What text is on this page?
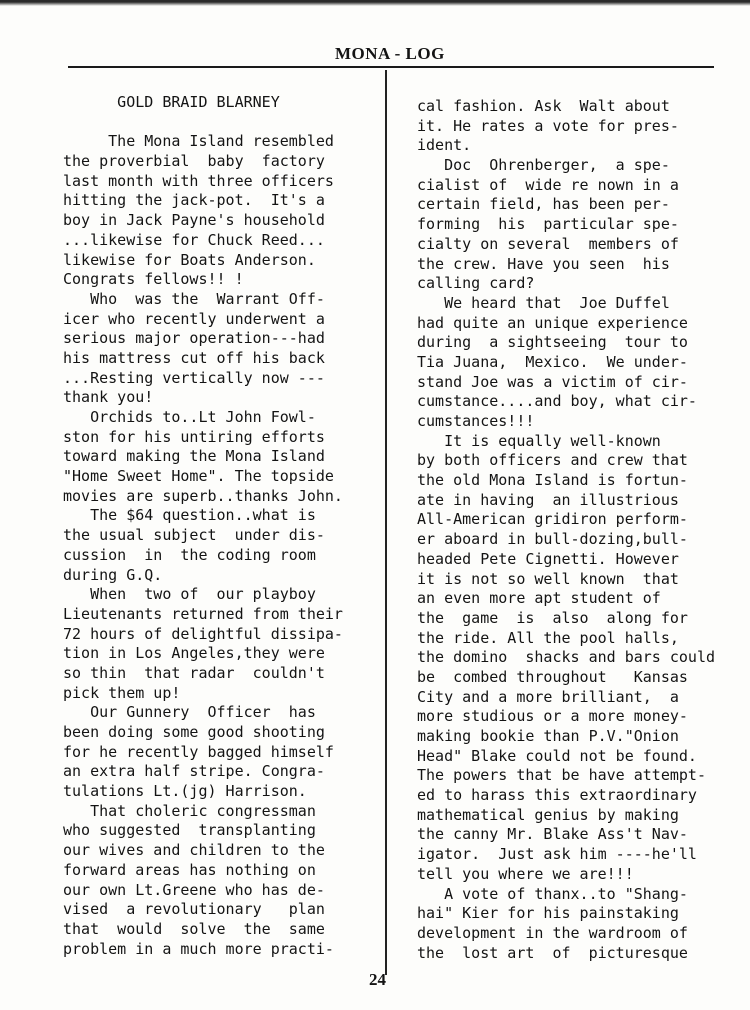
MONA - LOG
GOLD BRAID BLARNEY
The Mona Island resembled
the proverbial  baby  factory
last month with three officers
hitting the jack-pot.  It's a
boy in Jack Payne's household
...likewise for Chuck Reed...
likewise for Boats Anderson.
Congrats fellows!! !
Who  was the  Warrant Off-
icer who recently underwent a
serious major operation---had
his mattress cut off his back
...Resting vertically now ---
thank you!
Orchids to..Lt John Fowl-
ston for his untiring efforts
toward making the Mona Island
"Home Sweet Home". The topside
movies are superb..thanks John.
The $64 question..what is
the usual subject  under dis-
cussion  in  the coding room
during G.Q.
When  two of  our playboy
Lieutenants returned from their
72 hours of delightful dissipa-
tion in Los Angeles,they were
so thin  that radar  couldn't
pick them up!
Our Gunnery  Officer  has
been doing some good shooting
for he recently bagged himself
an extra half stripe. Congra-
tulations Lt.(jg) Harrison.
That choleric congressman
who suggested  transplanting
our wives and children to the
forward areas has nothing on
our own Lt.Greene who has de-
vised  a revolutionary   plan
that  would  solve  the  same
problem in a much more practi-
cal fashion. Ask  Walt about
it. He rates a vote for pres-
ident.
Doc  Ohrenberger,  a spe-
cialist of  wide re nown in a
certain field, has been per-
forming  his  particular spe-
cialty on several  members of
the crew. Have you seen  his
calling card?
We heard that  Joe Duffel
had quite an unique experience
during  a sightseeing  tour to
Tia Juana,  Mexico.  We under-
stand Joe was a victim of cir-
cumstance....and boy, what cir-
cumstances!!!
It is equally well-known
by both officers and crew that
the old Mona Island is fortun-
ate in having  an illustrious
All-American gridiron perform-
er aboard in bull-dozing,bull-
headed Pete Cignetti. However
it is not so well known  that
an even more apt student of
the  game  is  also  along for
the ride. All the pool halls,
the domino  shacks and bars could
be  combed throughout   Kansas
City and a more brilliant,  a
more studious or a more money-
making bookie than P.V."Onion
Head" Blake could not be found.
The powers that be have attempt-
ed to harass this extraordinary
mathematical genius by making
the canny Mr. Blake Ass't Nav-
igator.  Just ask him ----he'll
tell you where we are!!!
A vote of thanx..to "Shang-
hai" Kier for his painstaking
development in the wardroom of
the  lost art  of  picturesque
24
